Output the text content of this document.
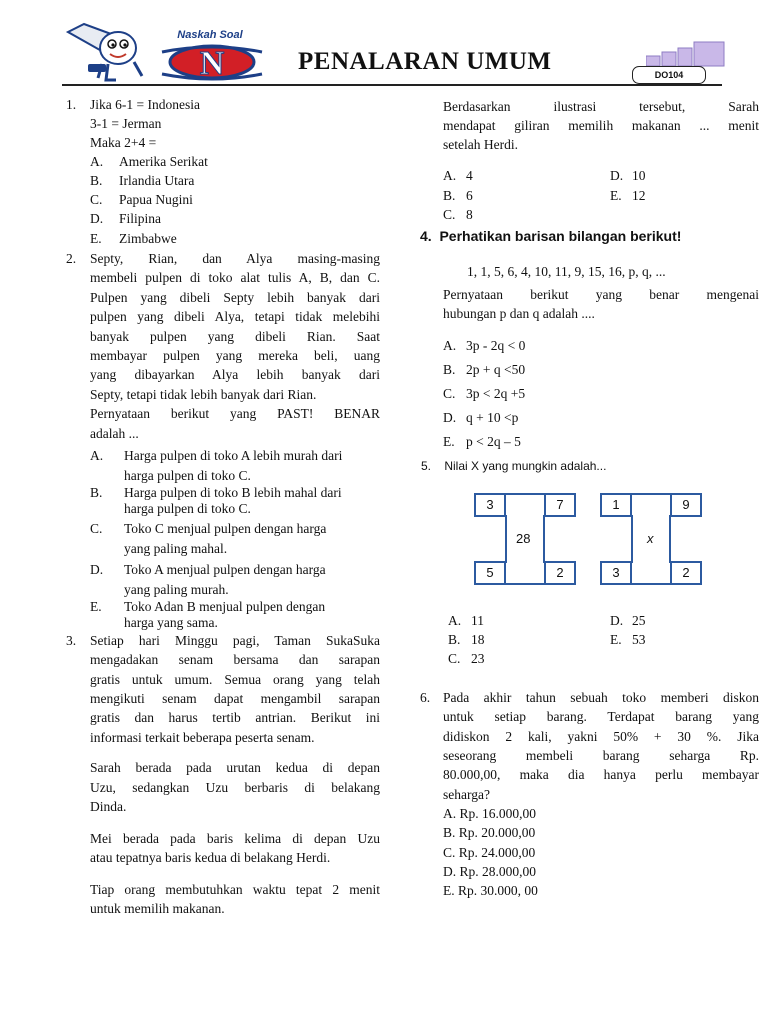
N
Naskah Soal
PENALARAN UMUM	DO104
1. Jika 6-1 = Indonesia
3-1 = Jerman
Maka 2+4 =
A. Amerika Serikat
B. Irlandia Utara
C. Papua Nugini
D. Filipina
E. Zimbabwe
2. Septy, Rian, dan Alya masing-masing
membeli pulpen di toko alat tulis A, B, dan C.
Pulpen yang dibeli Septy lebih banyak dari
pulpen yang dibeli Alya, tetapi tidak melebihi
banyak pulpen yang dibeli Rian. Saat
membayar pulpen yang mereka beli, uang
yang dibayarkan Alya lebih banyak dari
Septy, tetapi tidak lebih banyak dari Rian.
Pernyataan berikut yang PAST! BENAR
adalah ...
A. Harga pulpen di toko A lebih murah dari
harga pulpen di toko C.
B. Harga pulpen di toko B lebih mahal dari
harga pulpen di toko C.
C. Toko C menjual pulpen dengan harga
yang paling mahal.
D. Toko A menjual pulpen dengan harga
yang paling murah.
E. Toko Adan B menjual pulpen dengan
harga yang sama.
3. Setiap hari Minggu pagi, Taman SukaSuka
mengadakan senam bersama dan sarapan
gratis untuk umum. Semua orang yang telah
mengikuti senam dapat mengambil sarapan
gratis dan harus tertib antrian. Berikut ini
informasi terkait beberapa peserta senam.
Sarah berada pada urutan kedua di depan
Uzu, sedangkan Uzu berbaris di belakang
Dinda.
Mei berada pada baris kelima di depan Uzu
atau tepatnya baris kedua di belakang Herdi.
Tiap orang membutuhkan waktu tepat 2 menit
untuk memilih makanan.
Berdasarkan ilustrasi tersebut, Sarah
mendapat giliran memilih makanan ... menit
setelah Herdi.
A. 4	D. 10
B. 6	E. 12
C. 8
4.  Perhatikan barisan bilangan berikut!
1, 1, 5, 6, 4, 10, 11, 9, 15, 16, p, q, ...
Pernyataan berikut yang benar mengenai
hubungan p dan q adalah ....
A. 3p - 2q < 0
B. 2p + q <50
C. 3p < 2q +5
D. q + 10 <p
E. p < 2q – 5
5.    Nilai X yang mungkin adalah...
3	7
28
5	2
1	9
x
3	2
A. 11	D. 25
B. 18	E. 53
C. 23
6. Pada akhir tahun sebuah toko memberi diskon
untuk setiap barang. Terdapat barang yang
didiskon 2 kali, yakni 50% + 30 %. Jika
seseorang membeli barang seharga Rp.
80.000,00, maka dia hanya perlu membayar
seharga?
A. Rp. 16.000,00
B. Rp. 20.000,00
C. Rp. 24.000,00
D. Rp. 28.000,00
E. Rp. 30.000, 00
